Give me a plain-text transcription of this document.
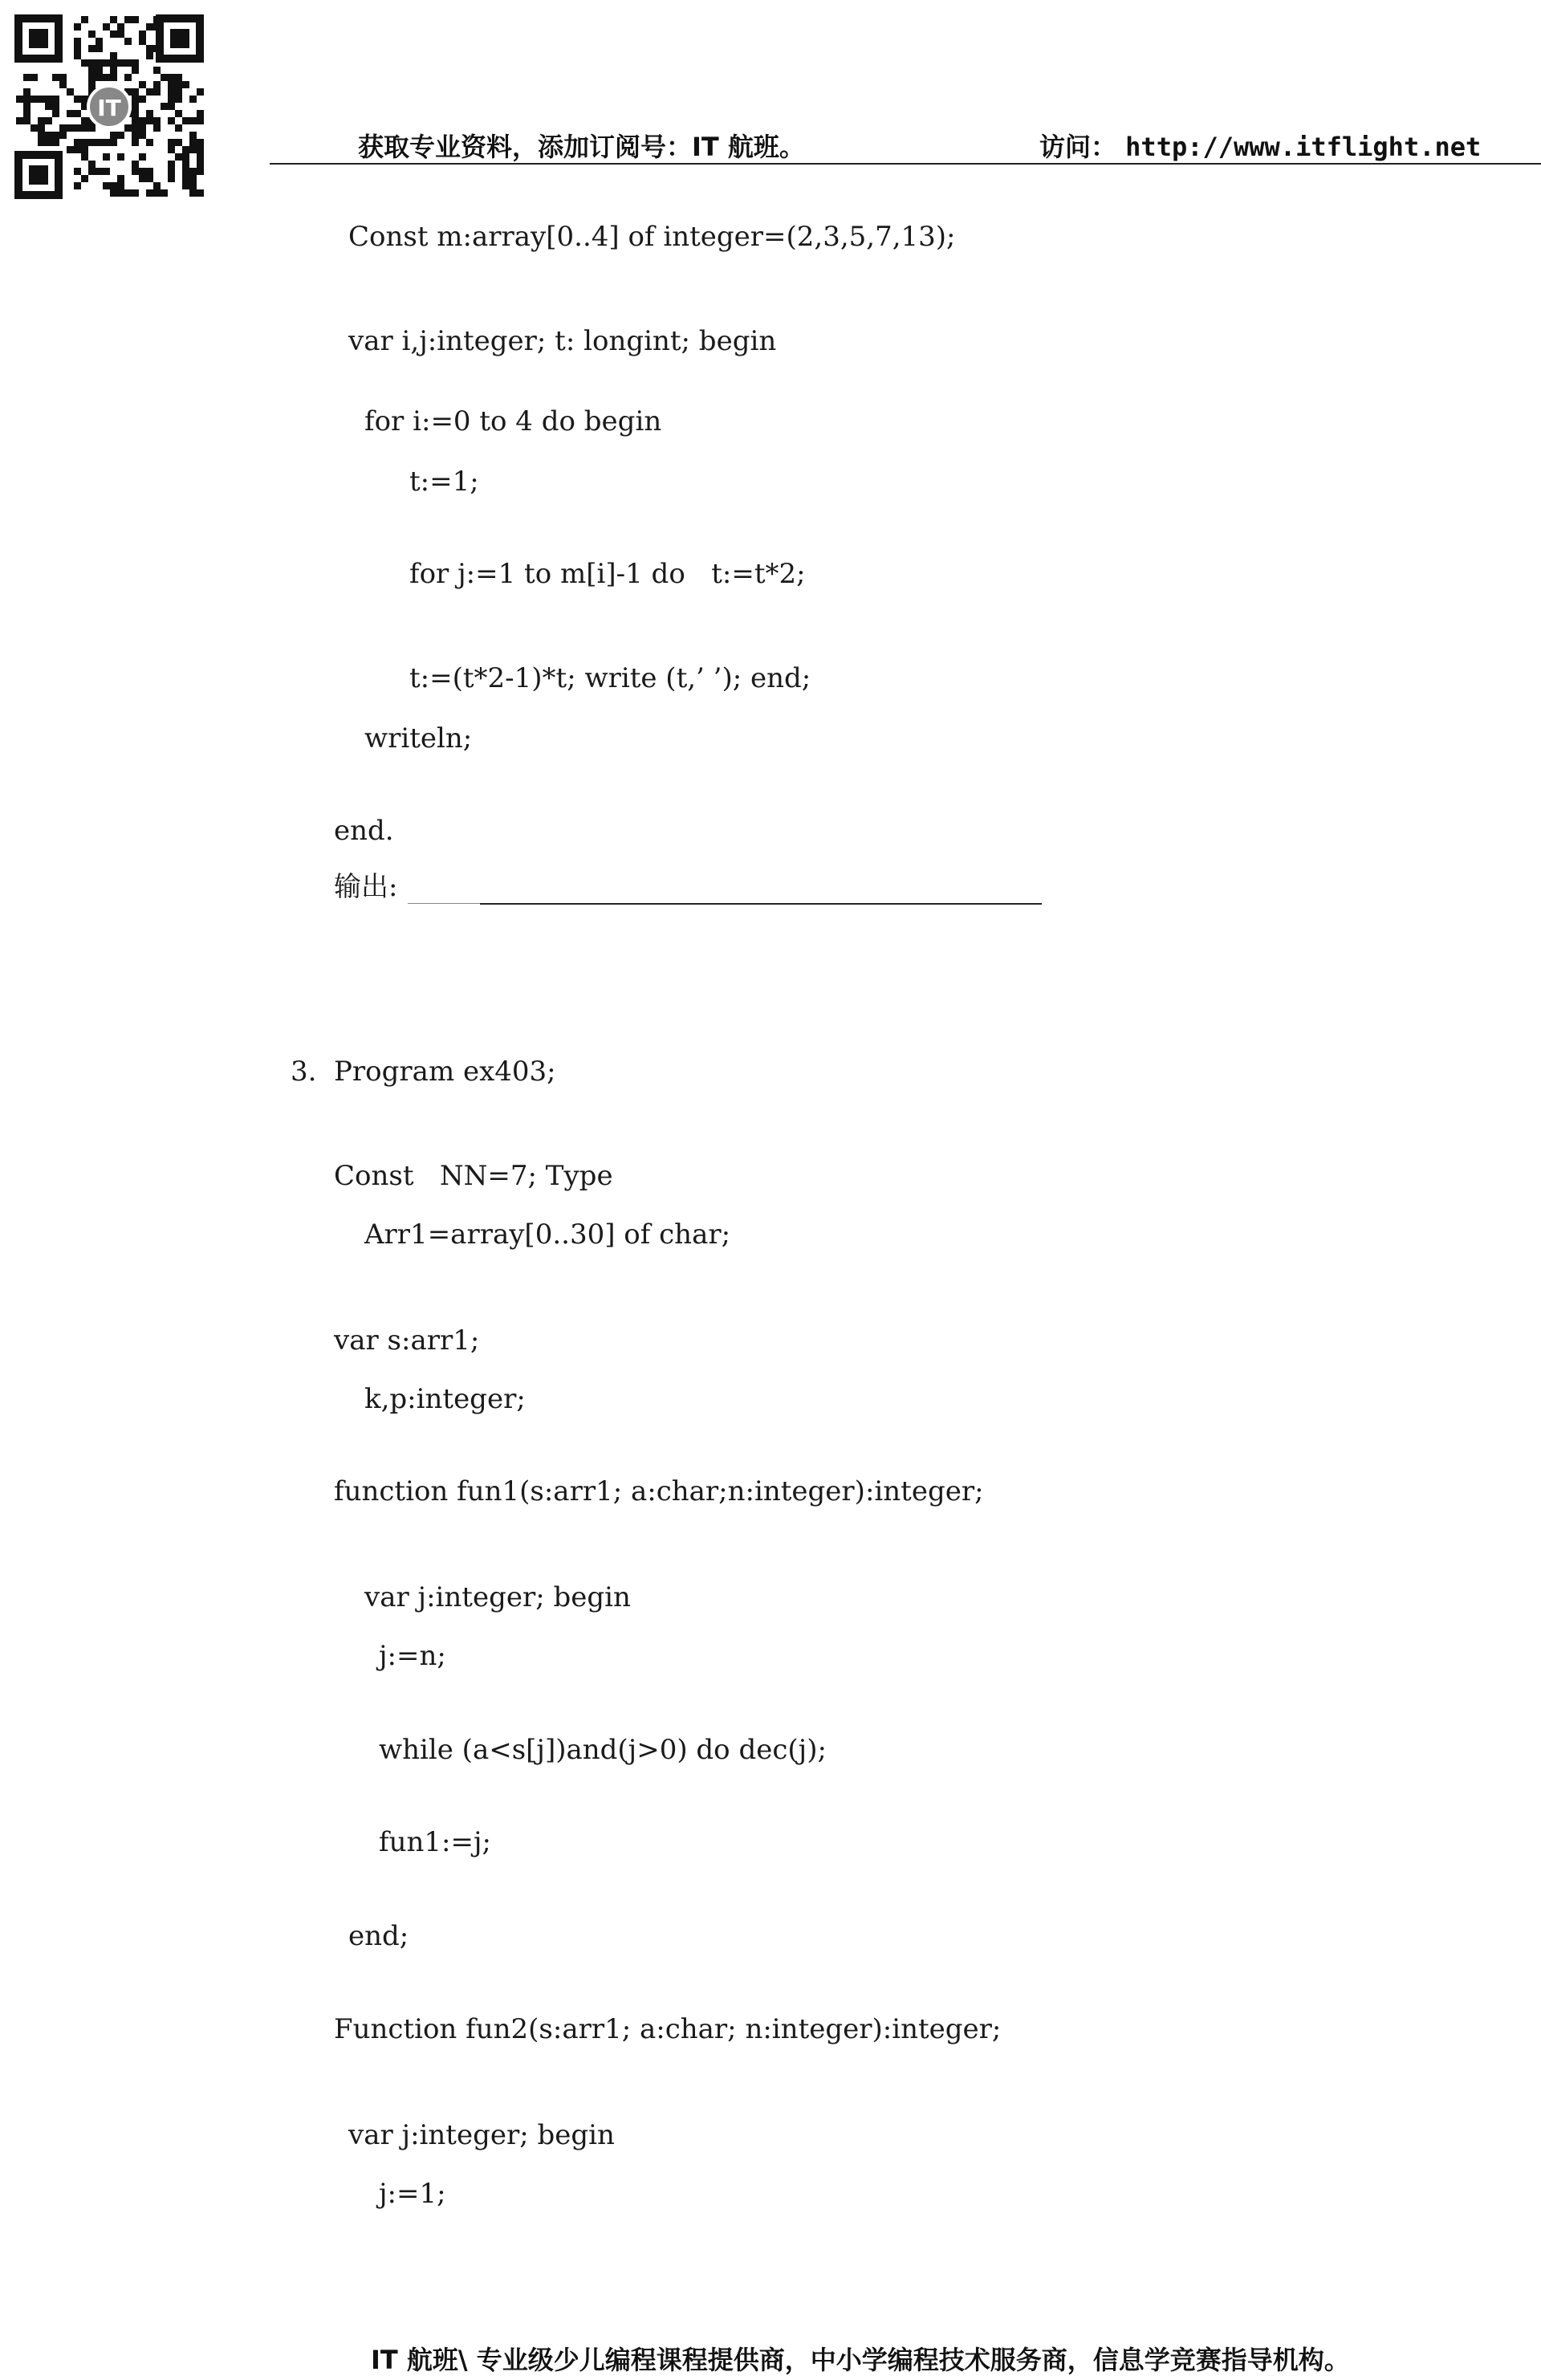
IT
获取专业资料，添加订阅号：IT 航班。	访问： http://www.itflight.net
Const m:array[0..4] of integer=(2,3,5,7,13);
var i,j:integer; t: longint; begin
for i:=0 to 4 do begin
t:=1;
for j:=1 to m[i]-1 do   t:=t*2;
t:=(t*2-1)*t; write (t,’ ’); end;
writeln;
end.
输出:
3.  Program ex403;
Const   NN=7; Type
Arr1=array[0..30] of char;
var s:arr1;
k,p:integer;
function fun1(s:arr1; a:char;n:integer):integer;
var j:integer; begin
j:=n;
while (a<s[j])and(j>0) do dec(j);
fun1:=j;
end;
Function fun2(s:arr1; a:char; n:integer):integer;
var j:integer; begin
j:=1;
IT 航班\ 专业级少儿编程课程提供商，中小学编程技术服务商，信息学竞赛指导机构。
